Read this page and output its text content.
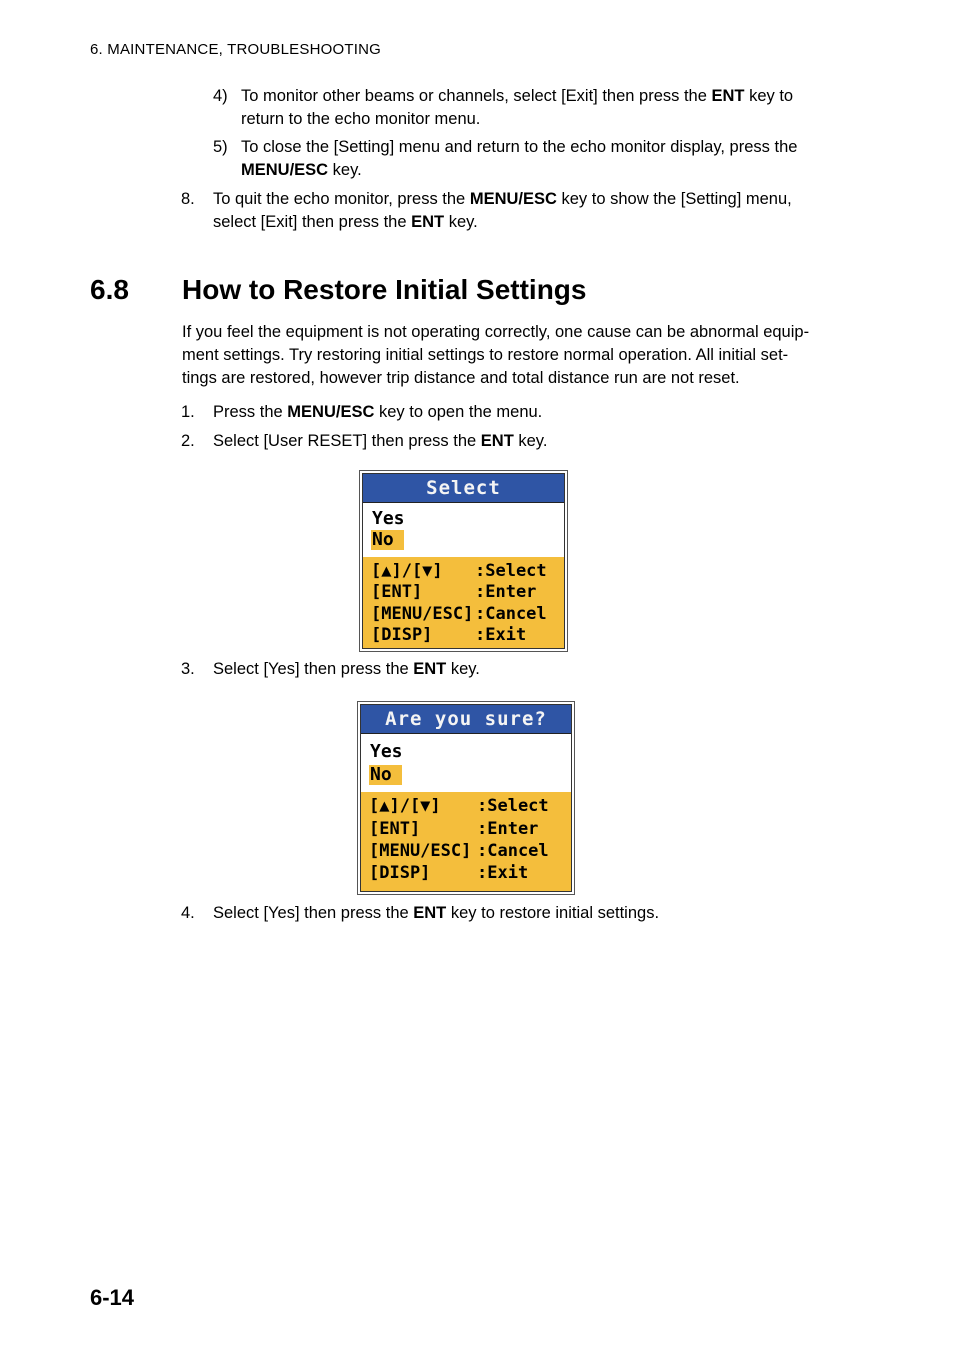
6. MAINTENANCE, TROUBLESHOOTING
4) To monitor other beams or channels, select [Exit] then press the ENT key to
return to the echo monitor menu.
5) To close the [Setting] menu and return to the echo monitor display, press the
MENU/ESC key.
8. To quit the echo monitor, press the MENU/ESC key to show the [Setting] menu,
select [Exit] then press the ENT key.
6.8 How to Restore Initial Settings
If you feel the equipment is not operating correctly, one cause can be abnormal equip-
ment settings. Try restoring initial settings to restore normal operation. All initial set-
tings are restored, however trip distance and total distance run are not reset.
1. Press the MENU/ESC key to open the menu.
2. Select [User RESET] then press the ENT key.
Select
Yes
No
[▲]/[▼] :Select
[ENT]	:Enter
[MENU/ESC] :Cancel
[DISP]	:Exit
3. Select [Yes] then press the ENT key.
Are you sure?
Yes
No
[▲]/[▼] :Select
[ENT]	:Enter
[MENU/ESC] :Cancel
[DISP]	:Exit
4. Select [Yes] then press the ENT key to restore initial settings.
6-14
